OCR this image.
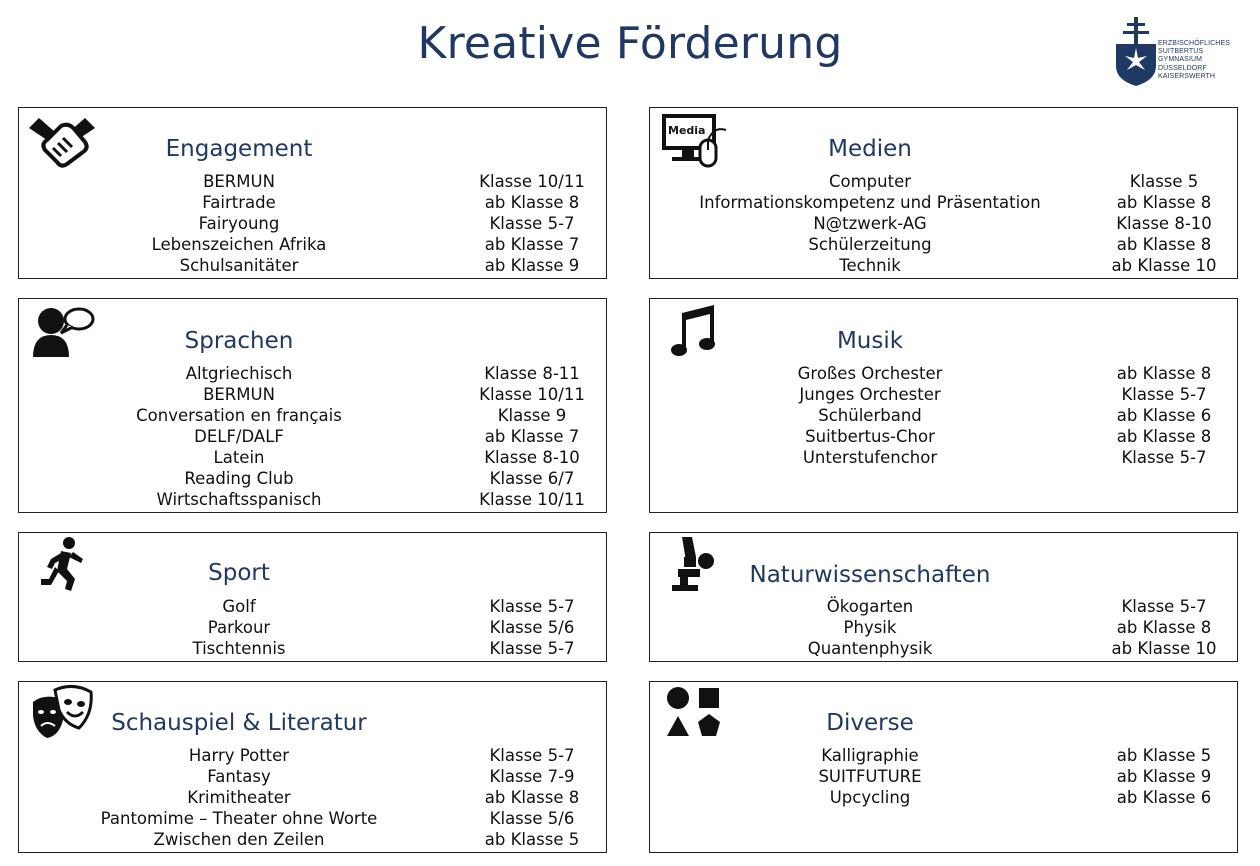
Kreative Förderung	ERZBISCHÖFLICHES
SUITBERTUS
GYMNASIUM
DÜSSELDORF
KAISERSWERTH
Engagement
BERMUN	Klasse 10/11
Fairtrade	ab Klasse 8
Fairyoung	Klasse 5-7
Lebenszeichen Afrika	ab Klasse 7
Schulsanitäter	ab Klasse 9
Media
Medien
Computer	Klasse 5
Informationskompetenz und Präsentation	ab Klasse 8
N@tzwerk-AG	Klasse 8-10
Schülerzeitung	ab Klasse 8
Technik	ab Klasse 10
Sprachen
Altgriechisch	Klasse 8-11
BERMUN	Klasse 10/11
Conversation en français	Klasse 9
DELF/DALF	ab Klasse 7
Latein	Klasse 8-10
Reading Club	Klasse 6/7
Wirtschaftsspanisch	Klasse 10/11
Musik
Großes Orchester	ab Klasse 8
Junges Orchester	Klasse 5-7
Schülerband	ab Klasse 6
Suitbertus-Chor	ab Klasse 8
Unterstufenchor	Klasse 5-7
Sport
Golf	Klasse 5-7
Parkour	Klasse 5/6
Tischtennis	Klasse 5-7
Naturwissenschaften
Ökogarten	Klasse 5-7
Physik	ab Klasse 8
Quantenphysik	ab Klasse 10
Schauspiel & Literatur
Harry Potter	Klasse 5-7
Fantasy	Klasse 7-9
Krimitheater	ab Klasse 8
Pantomime – Theater ohne Worte	Klasse 5/6
Zwischen den Zeilen	ab Klasse 5
Diverse
Kalligraphie	ab Klasse 5
SUITFUTURE	ab Klasse 9
Upcycling	ab Klasse 6
